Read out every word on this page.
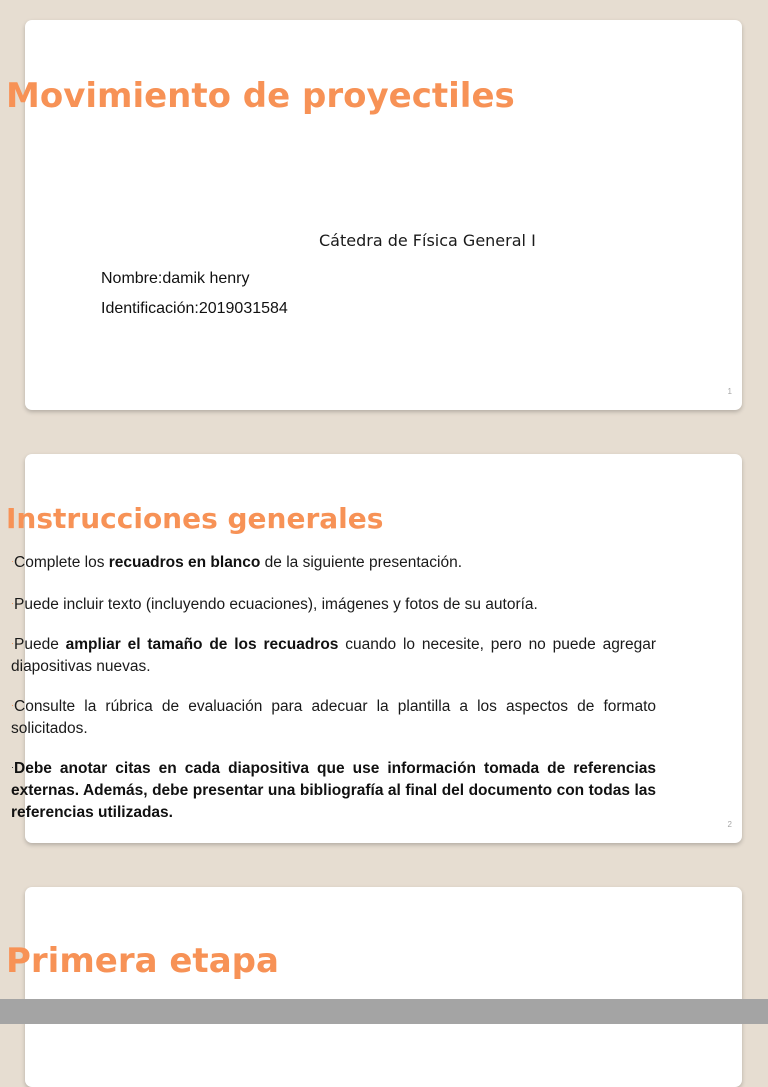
Movimiento de proyectiles
Cátedra de Física General I
Nombre:damik henry
Identificación:2019031584
1
Instrucciones generales

·Complete los recuadros en blanco de la siguiente presentación.

·Puede incluir texto (incluyendo ecuaciones), imágenes y fotos de su autoría.

·Puede ampliar el tamaño de los recuadros cuando lo necesite, pero no puede agregar diapositivas nuevas.

·Consulte la rúbrica de evaluación para adecuar la plantilla a los aspectos de formato solicitados.

·Debe anotar citas en cada diapositiva que use información tomada de referencias externas. Además, debe presentar una bibliografía al final del documento con todas las referencias utilizadas.

2
Primera etapa
